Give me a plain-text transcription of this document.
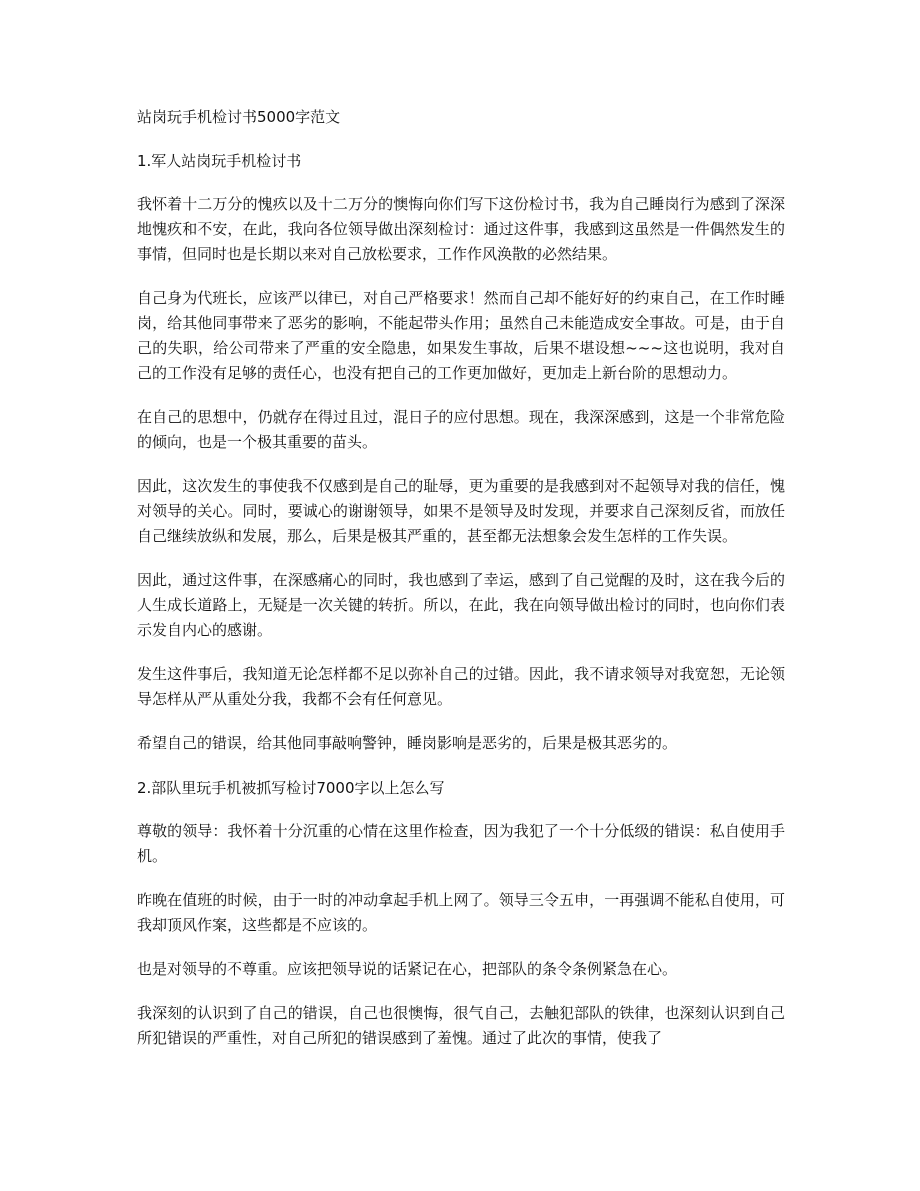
站岗玩手机检讨书5000字范文
1.军人站岗玩手机检讨书

我怀着十二万分的愧疚以及十二万分的懊悔向你们写下这份检讨书，我为自己睡岗行为感到了深深地愧疚和不安，在此，我向各位领导做出深刻检讨：通过这件事，我感到这虽然是一件偶然发生的事情，但同时也是长期以来对自己放松要求，工作作风涣散的必然结果。

自己身为代班长，应该严以律已，对自己严格要求！然而自己却不能好好的约束自己，在工作时睡岗，给其他同事带来了恶劣的影响，不能起带头作用；虽然自己未能造成安全事故。可是，由于自己的失职，给公司带来了严重的安全隐患，如果发生事故，后果不堪设想~~~这也说明，我对自己的工作没有足够的责任心，也没有把自己的工作更加做好，更加走上新台阶的思想动力。

在自己的思想中，仍就存在得过且过，混日子的应付思想。现在，我深深感到，这是一个非常危险的倾向，也是一个极其重要的苗头。

因此，这次发生的事使我不仅感到是自己的耻辱，更为重要的是我感到对不起领导对我的信任，愧对领导的关心。同时，要诚心的谢谢领导，如果不是领导及时发现，并要求自己深刻反省，而放任自己继续放纵和发展，那么，后果是极其严重的，甚至都无法想象会发生怎样的工作失误。

因此，通过这件事，在深感痛心的同时，我也感到了幸运，感到了自己觉醒的及时，这在我今后的人生成长道路上，无疑是一次关键的转折。所以，在此，我在向领导做出检讨的同时，也向你们表示发自内心的感谢。

发生这件事后，我知道无论怎样都不足以弥补自己的过错。因此，我不请求领导对我宽恕，无论领导怎样从严从重处分我，我都不会有任何意见。

希望自己的错误，给其他同事敲响警钟，睡岗影响是恶劣的，后果是极其恶劣的。

2.部队里玩手机被抓写检讨7000字以上怎么写

尊敬的领导：我怀着十分沉重的心情在这里作检查，因为我犯了一个十分低级的错误：私自使用手机。

昨晚在值班的时候，由于一时的冲动拿起手机上网了。领导三令五申，一再强调不能私自使用，可我却顶风作案，这些都是不应该的。

也是对领导的不尊重。应该把领导说的话紧记在心，把部队的条令条例紧急在心。

我深刻的认识到了自己的错误，自己也很懊悔，很气自己，去触犯部队的铁律，也深刻认识到自己所犯错误的严重性，对自己所犯的错误感到了羞愧。通过了此次的事情，使我了
